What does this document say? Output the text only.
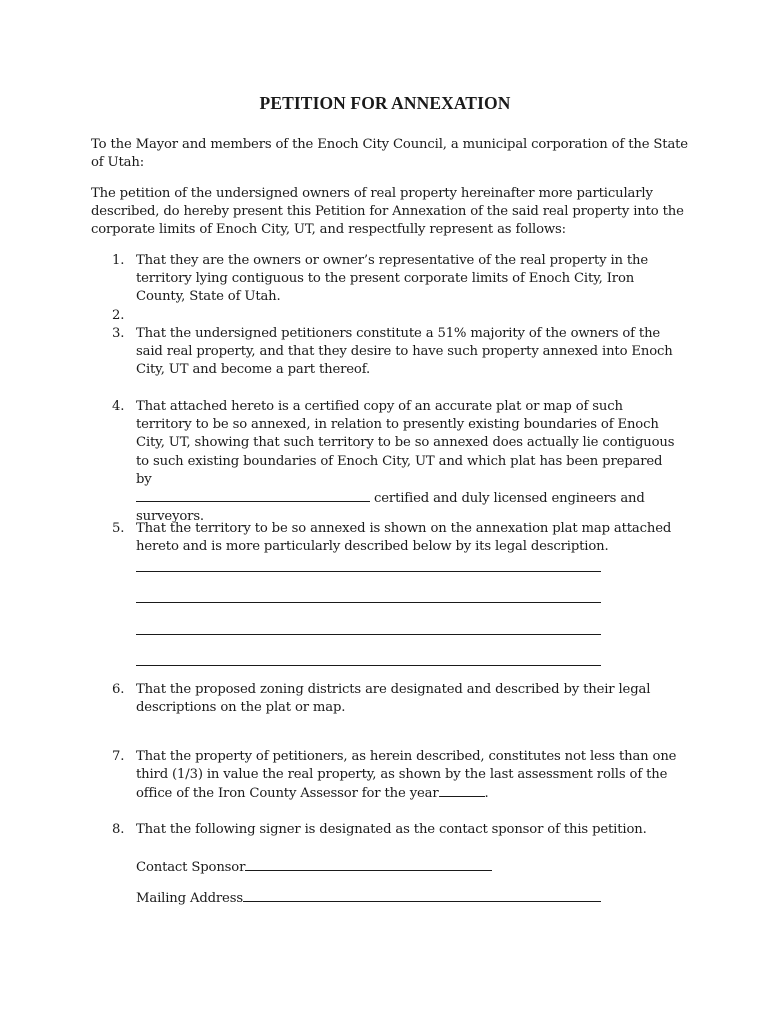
PETITION FOR ANNEXATION
To the Mayor and members of the Enoch City Council, a municipal corporation of the State of Utah:
The petition of the undersigned owners of real property hereinafter more particularly described, do hereby present this Petition for Annexation of the said real property into the corporate limits of Enoch City, UT, and respectfully represent as follows:
1. That they are the owners or owner’s representative of the real property in the territory lying contiguous to the present corporate limits of Enoch City, Iron County, State of Utah.
2.
3. That the undersigned petitioners constitute a 51% majority of the owners of the said real property, and that they desire to have such property annexed into Enoch City, UT and become a part thereof.
4. That attached hereto is a certified copy of an accurate plat or map of such territory to be so annexed, in relation to presently existing boundaries of Enoch City, UT, showing that such territory to be so annexed does actually lie contiguous to such existing boundaries of Enoch City, UT and which plat has been prepared by
certified and duly licensed engineers and surveyors.
5. That the territory to be so annexed is shown on the annexation plat map attached hereto and is more particularly described below by its legal description.
6. That the proposed zoning districts are designated and described by their legal descriptions on the plat or map.
7. That the property of petitioners, as herein described, constitutes not less than one third (1/3) in value the real property, as shown by the last assessment rolls of the office of the Iron County Assessor for the year	.
8. That the following signer is designated as the contact sponsor of this petition.
Contact Sponsor
Mailing Address
